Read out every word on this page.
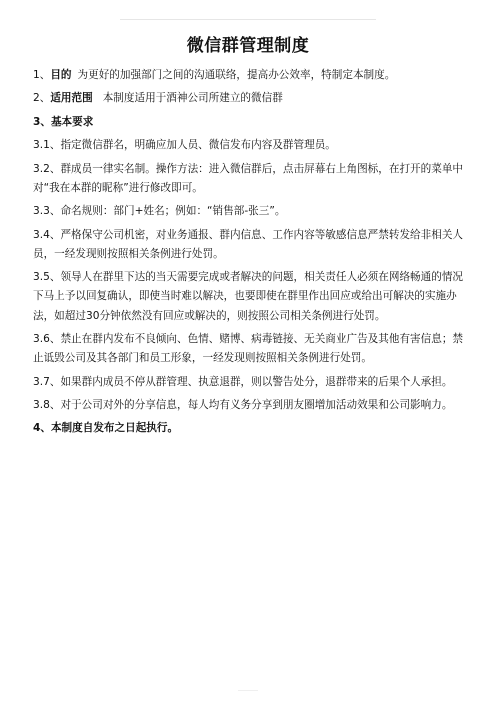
微信群管理制度

1、目的 为更好的加强部门之间的沟通联络，提高办公效率，特制定本制度。

2、适用范围 本制度适用于酒神公司所建立的微信群

3、基本要求

3.1、指定微信群名，明确应加人员、微信发布内容及群管理员。

3.2、群成员一律实名制。操作方法：进入微信群后，点击屏幕右上角图标，在打开的菜单中对“我在本群的昵称”进行修改即可。

3.3、命名规则：部门+姓名；例如：“销售部-张三”。

3.4、严格保守公司机密，对业务通报、群内信息、工作内容等敏感信息严禁转发给非相关人员，一经发现则按照相关条例进行处罚。

3.5、领导人在群里下达的当天需要完成或者解决的问题，相关责任人必须在网络畅通的情况下马上予以回复确认，即使当时难以解决，也要即使在群里作出回应或给出可解决的实施办法，如超过30分钟依然没有回应或解决的，则按照公司相关条例进行处罚。

3.6、禁止在群内发布不良倾向、色情、赌博、病毒链接、无关商业广告及其他有害信息；禁止诋毁公司及其各部门和员工形象，一经发现则按照相关条例进行处罚。

3.7、如果群内成员不停从群管理、执意退群，则以警告处分，退群带来的后果个人承担。

3.8、对于公司对外的分享信息，每人均有义务分享到朋友圈增加活动效果和公司影响力。

4、本制度自发布之日起执行。
